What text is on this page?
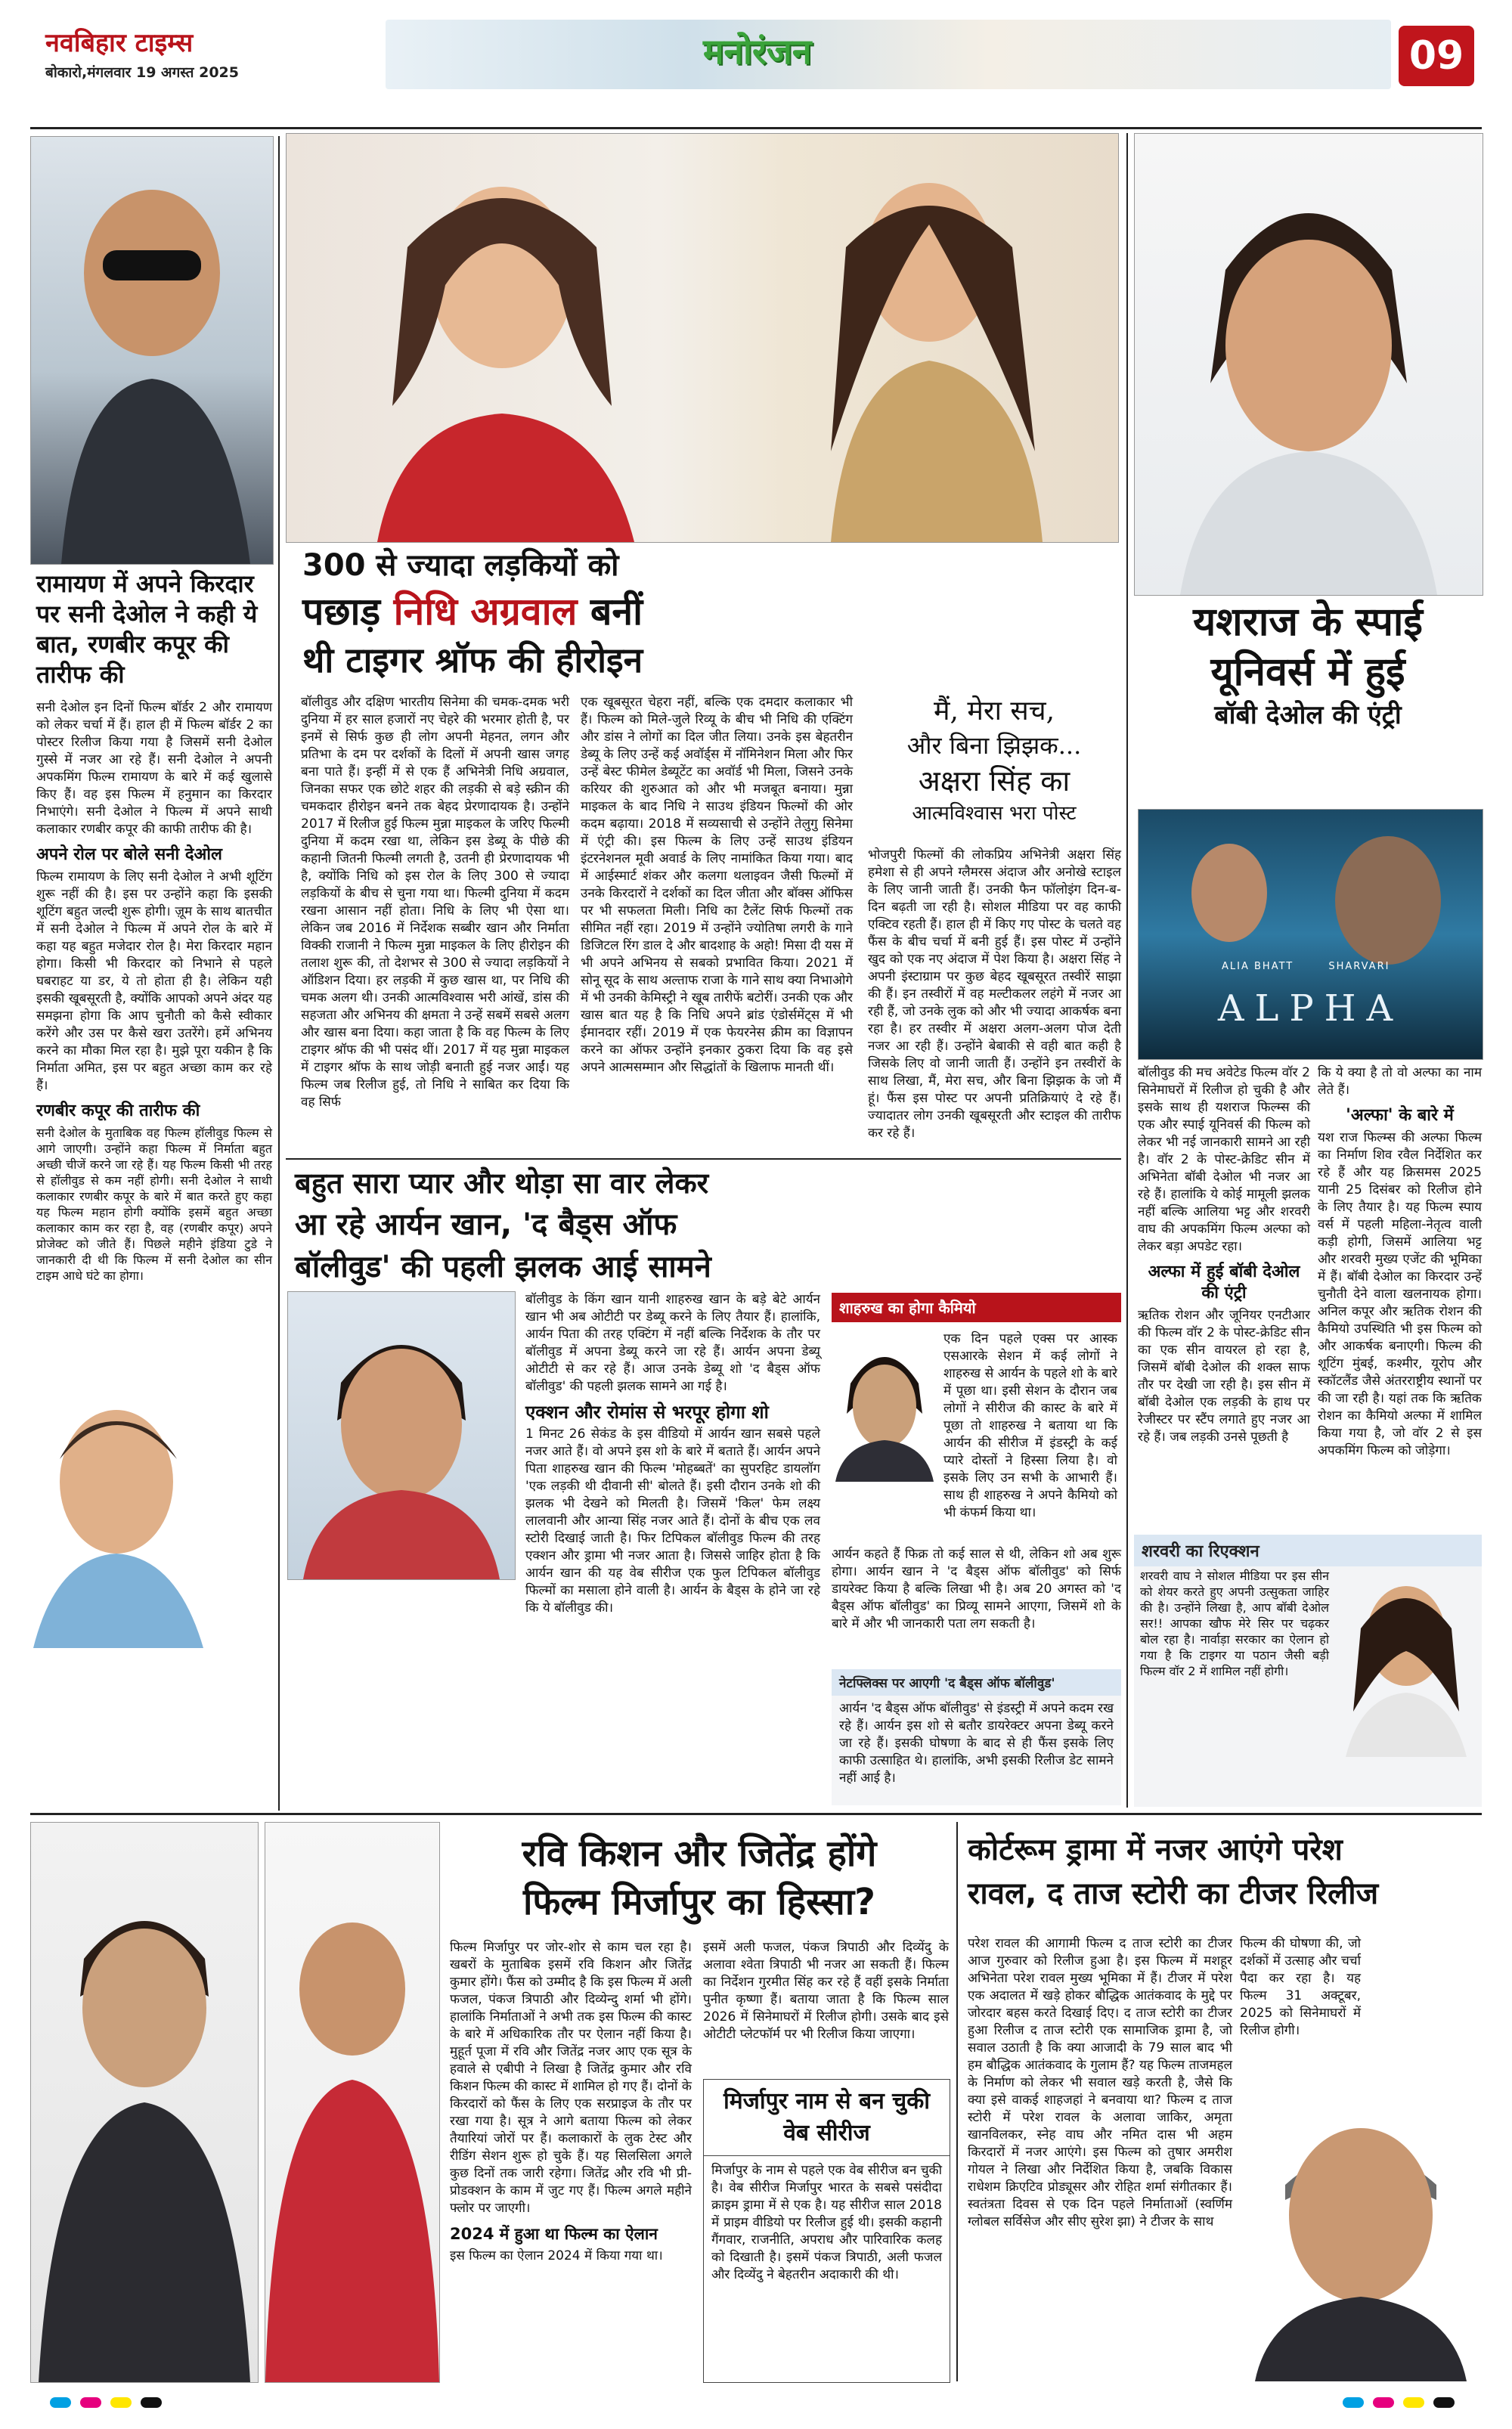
नवबिहार टाइम्स
बोकारो,मंगलवार 19 अगस्त 2025
मनोरंजन	09
रामायण में अपने किरदार पर सनी देओल ने कही ये बात, रणबीर कपूर की तारीफ की

सनी देओल इन दिनों फिल्म बॉर्डर 2 और रामायण को लेकर चर्चा में हैं। हाल ही में फिल्म बॉर्डर 2 का पोस्टर रिलीज किया गया है जिसमें सनी देओल गुस्से में नजर आ रहे हैं। सनी देओल ने अपनी अपकमिंग फिल्म रामायण के बारे में कई खुलासे किए हैं। वह इस फिल्म में हनुमान का किरदार निभाएंगे। सनी देओल ने फिल्म में अपने साथी कलाकार रणबीर कपूर की काफी तारीफ की है।

अपने रोल पर बोले सनी देओल

फिल्म रामायण के लिए सनी देओल ने अभी शूटिंग शुरू नहीं की है। इस पर उन्होंने कहा कि इसकी शूटिंग बहुत जल्दी शुरू होगी। ज़ूम के साथ बातचीत में सनी देओल ने फिल्म में अपने रोल के बारे में कहा यह बहुत मजेदार रोल है। मेरा किरदार महान होगा। किसी भी किरदार को निभाने से पहले घबराहट या डर, ये तो होता ही है। लेकिन यही इसकी खूबसूरती है, क्योंकि आपको अपने अंदर यह समझना होगा कि आप चुनौती को कैसे स्वीकार करेंगे और उस पर कैसे खरा उतरेंगे। हमें अभिनय करने का मौका मिल रहा है। मुझे पूरा यकीन है कि निर्माता अमित, इस पर बहुत अच्छा काम कर रहे हैं।

रणबीर कपूर की तारीफ की

सनी देओल के मुताबिक वह फिल्म हॉलीवुड फिल्म से आगे जाएगी। उन्होंने कहा फिल्म में निर्माता बहुत अच्छी चीजें करने जा रहे हैं। यह फिल्म किसी भी तरह से हॉलीवुड से कम नहीं होगी। सनी देओल ने साथी कलाकार रणबीर कपूर के बारे में बात करते हुए कहा यह फिल्म महान होगी क्योंकि इसमें बहुत अच्छा कलाकार काम कर रहा है, वह (रणबीर कपूर) अपने प्रोजेक्ट को जीते हैं। पिछले महीने इंडिया टुडे ने जानकारी दी थी कि फिल्म में सनी देओल का सीन टाइम आधे घंटे का होगा।

300 से ज्यादा लड़कियों को
पछाड़ निधि अग्रवाल बनीं
थी टाइगर श्रॉफ की हीरोइन

बॉलीवुड और दक्षिण भारतीय सिनेमा की चमक-दमक भरी दुनिया में हर साल हजारों नए चेहरे की भरमार होती है, पर इनमें से सिर्फ कुछ ही लोग अपनी मेहनत, लगन और प्रतिभा के दम पर दर्शकों के दिलों में अपनी खास जगह बना पाते हैं। इन्हीं में से एक हैं अभिनेत्री निधि अग्रवाल, जिनका सफर एक छोटे शहर की लड़की से बड़े स्क्रीन की चमकदार हीरोइन बनने तक बेहद प्रेरणादायक है। उन्होंने 2017 में रिलीज हुई फिल्म मुन्ना माइकल के जरिए फिल्मी दुनिया में कदम रखा था, लेकिन इस डेब्यू के पीछे की कहानी जितनी फिल्मी लगती है, उतनी ही प्रेरणादायक भी है, क्योंकि निधि को इस रोल के लिए 300 से ज्यादा लड़कियों के बीच से चुना गया था। फिल्मी दुनिया में कदम रखना आसान नहीं होता। निधि के लिए भी ऐसा था। लेकिन जब 2016 में निर्देशक सब्बीर खान और निर्माता विक्की राजानी ने फिल्म मुन्ना माइकल के लिए हीरोइन की तलाश शुरू की, तो देशभर से 300 से ज्यादा लड़कियों ने ऑडिशन दिया। हर लड़की में कुछ खास था, पर निधि की चमक अलग थी। उनकी आत्मविश्वास भरी आंखें, डांस की सहजता और अभिनय की क्षमता ने उन्हें सबमें सबसे अलग और खास बना दिया। कहा जाता है कि वह फिल्म के लिए टाइगर श्रॉफ की भी पसंद थीं। 2017 में यह मुन्ना माइकल में टाइगर श्रॉफ के साथ जोड़ी बनाती हुई नजर आईं। यह फिल्म जब रिलीज हुई, तो निधि ने साबित कर दिया कि वह सिर्फ

एक खूबसूरत चेहरा नहीं, बल्कि एक दमदार कलाकार भी हैं। फिल्म को मिले-जुले रिव्यू के बीच भी निधि की एक्टिंग और डांस ने लोगों का दिल जीत लिया। उनके इस बेहतरीन डेब्यू के लिए उन्हें कई अवॉर्ड्स में नॉमिनेशन मिला और फिर उन्हें बेस्ट फीमेल डेब्यूटेंट का अवॉर्ड भी मिला, जिसने उनके करियर की शुरुआत को और भी मजबूत बनाया। मुन्ना माइकल के बाद निधि ने साउथ इंडियन फिल्मों की ओर कदम बढ़ाया। 2018 में सव्यसाची से उन्होंने तेलुगु सिनेमा में एंट्री की। इस फिल्म के लिए उन्हें साउथ इंडियन इंटरनेशनल मूवी अवार्ड के लिए नामांकित किया गया। बाद में आईस्मार्ट शंकर और कलगा थलाइवन जैसी फिल्मों में उनके किरदारों ने दर्शकों का दिल जीता और बॉक्स ऑफिस पर भी सफलता मिली। निधि का टैलेंट सिर्फ फिल्मों तक सीमित नहीं रहा। 2019 में उन्होंने ज्योतिषा लगरी के गाने डिजिटल रिंग डाल दे और बादशाह के अहो! मिसा दी यस में भी अपने अभिनय से सबको प्रभावित किया। 2021 में सोनू सूद के साथ अल्ताफ राजा के गाने साथ क्या निभाओगे में भी उनकी केमिस्ट्री ने खूब तारीफें बटोरीं। उनकी एक और खास बात यह है कि निधि अपने ब्रांड एंडोर्समेंट्स में भी ईमानदार रहीं। 2019 में एक फेयरनेस क्रीम का विज्ञापन करने का ऑफर उन्होंने इनकार ठुकरा दिया कि वह इसे अपने आत्मसम्मान और सिद्धांतों के खिलाफ मानती थीं।

मैं, मेरा सच,
और बिना झिझक...
अक्षरा सिंह का
आत्मविश्वास भरा पोस्ट

भोजपुरी फिल्मों की लोकप्रिय अभिनेत्री अक्षरा सिंह हमेशा से ही अपने ग्लैमरस अंदाज और अनोखे स्टाइल के लिए जानी जाती हैं। उनकी फैन फॉलोइंग दिन-ब-दिन बढ़ती जा रही है। सोशल मीडिया पर वह काफी एक्टिव रहती हैं। हाल ही में किए गए पोस्ट के चलते वह फैंस के बीच चर्चा में बनी हुई हैं। इस पोस्ट में उन्होंने खुद को एक नए अंदाज में पेश किया है। अक्षरा सिंह ने अपनी इंस्टाग्राम पर कुछ बेहद खूबसूरत तस्वीरें साझा की हैं। इन तस्वीरों में वह मल्टीकलर लहंगे में नजर आ रही हैं, जो उनके लुक को और भी ज्यादा आकर्षक बना रहा है। हर तस्वीर में अक्षरा अलग-अलग पोज देती नजर आ रही हैं। उन्होंने बेबाकी से वही बात कही है जिसके लिए वो जानी जाती हैं। उन्होंने इन तस्वीरों के साथ लिखा, मैं, मेरा सच, और बिना झिझक के जो मैं हूं। फैंस इस पोस्ट पर अपनी प्रतिक्रियाएं दे रहे हैं। ज्यादातर लोग उनकी खूबसूरती और स्टाइल की तारीफ कर रहे हैं।

यशराज के स्पाई
यूनिवर्स में हुई
बॉबी देओल की एंट्री
ALIA BHATT	SHARVARI
ALPHA

बॉलीवुड की मच अवेटेड फिल्म वॉर 2 सिनेमाघरों में रिलीज हो चुकी है और इसके साथ ही यशराज फिल्म्स की एक और स्पाई यूनिवर्स की फिल्म को लेकर भी नई जानकारी सामने आ रही है। वॉर 2 के पोस्ट-क्रेडिट सीन में अभिनेता बॉबी देओल भी नजर आ रहे हैं। हालांकि ये कोई मामूली झलक नहीं बल्कि आलिया भट्ट और शरवरी वाघ की अपकमिंग फिल्म अल्फा को लेकर बड़ा अपडेट रहा।

अल्फा में हुई बॉबी देओल की एंट्री

ऋतिक रोशन और जूनियर एनटीआर की फिल्म वॉर 2 के पोस्ट-क्रेडिट सीन का एक सीन वायरल हो रहा है, जिसमें बॉबी देओल की शक्ल साफ तौर पर देखी जा रही है। इस सीन में बॉबी देओल एक लड़की के हाथ पर रेजीस्टर पर स्टैंप लगाते हुए नजर आ रहे हैं। जब लड़की उनसे पूछती है

कि ये क्या है तो वो अल्फा का नाम लेते हैं।

'अल्फा' के बारे में

यश राज फिल्म्स की अल्फा फिल्म का निर्माण शिव रवैल निर्देशित कर रहे हैं और यह क्रिसमस 2025 यानी 25 दिसंबर को रिलीज होने के लिए तैयार है। यह फिल्म स्पाय वर्स में पहली महिला-नेतृत्व वाली कड़ी होगी, जिसमें आलिया भट्ट और शरवरी मुख्य एजेंट की भूमिका में हैं। बॉबी देओल का किरदार उन्हें चुनौती देने वाला खलनायक होगा। अनिल कपूर और ऋतिक रोशन की कैमियो उपस्थिति भी इस फिल्म को और आकर्षक बनाएगी। फिल्म की शूटिंग मुंबई, कश्मीर, यूरोप और स्कॉटलैंड जैसे अंतरराष्ट्रीय स्थानों पर की जा रही है। यहां तक कि ऋतिक रोशन का कैमियो अल्फा में शामिल किया गया है, जो वॉर 2 से इस अपकमिंग फिल्म को जोड़ेगा।

शरवरी का रिएक्शन

शरवरी वाघ ने सोशल मीडिया पर इस सीन को शेयर करते हुए अपनी उत्सुकता जाहिर की है। उन्होंने लिखा है, आप बॉबी देओल सर!! आपका खौफ मेरे सिर पर चढ़कर बोल रहा है। नार्वाड़ा सरकार का ऐलान हो गया है कि टाइगर या पठान जैसी बड़ी फिल्म वॉर 2 में शामिल नहीं होगी।

बहुत सारा प्यार और थोड़ा सा वार लेकर
आ रहे आर्यन खान, 'द बैड्स ऑफ
बॉलीवुड' की पहली झलक आई सामने

बॉलीवुड के किंग खान यानी शाहरुख खान के बड़े बेटे आर्यन खान भी अब ओटीटी पर डेब्यू करने के लिए तैयार हैं। हालांकि, आर्यन पिता की तरह एक्टिंग में नहीं बल्कि निर्देशक के तौर पर बॉलीवुड में अपना डेब्यू करने जा रहे हैं। आर्यन अपना डेब्यू ओटीटी से कर रहे हैं। आज उनके डेब्यू शो 'द बैड्स ऑफ बॉलीवुड' की पहली झलक सामने आ गई है।

एक्शन और रोमांस से भरपूर होगा शो

1 मिनट 26 सेकंड के इस वीडियो में आर्यन खान सबसे पहले नजर आते हैं। वो अपने इस शो के बारे में बताते हैं। आर्यन अपने पिता शाहरुख खान की फिल्म 'मोहब्बतें' का सुपरहिट डायलॉग 'एक लड़की थी दीवानी सी' बोलते हैं। इसी दौरान उनके शो की झलक भी देखने को मिलती है। जिसमें 'किल' फेम लक्ष्य लालवानी और आन्या सिंह नजर आते हैं। दोनों के बीच एक लव स्टोरी दिखाई जाती है। फिर टिपिकल बॉलीवुड फिल्म की तरह एक्शन और ड्रामा भी नजर आता है। जिससे जाहिर होता है कि आर्यन खान की यह वेब सीरीज एक फुल टिपिकल बॉलीवुड फिल्मों का मसाला होने वाली है। आर्यन के बैड्स के होने जा रहे कि ये बॉलीवुड की।

शाहरुख का होगा कैमियो

एक दिन पहले एक्स पर आस्क एसआरके सेशन में कई लोगों ने शाहरुख से आर्यन के पहले शो के बारे में पूछा था। इसी सेशन के दौरान जब लोगों ने सीरीज की कास्ट के बारे में पूछा तो शाहरुख ने बताया था कि आर्यन की सीरीज में इंडस्ट्री के कई प्यारे दोस्तों ने हिस्सा लिया है। वो इसके लिए उन सभी के आभारी हैं। साथ ही शाहरुख ने अपने कैमियो को भी कंफर्म किया था।

आर्यन कहते हैं फिक्र तो कई साल से थी, लेकिन शो अब शुरू होगा। आर्यन खान ने 'द बैड्स ऑफ बॉलीवुड' को सिर्फ डायरेक्ट किया है बल्कि लिखा भी है। अब 20 अगस्त को 'द बैड्स ऑफ बॉलीवुड' का प्रिव्यू सामने आएगा, जिसमें शो के बारे में और भी जानकारी पता लग सकती है।

नेटफ्लिक्स पर आएगी 'द बैड्स ऑफ बॉलीवुड'

आर्यन 'द बैड्स ऑफ बॉलीवुड' से इंडस्ट्री में अपने कदम रख रहे हैं। आर्यन इस शो से बतौर डायरेक्टर अपना डेब्यू करने जा रहे हैं। इसकी घोषणा के बाद से ही फैंस इसके लिए काफी उत्साहित थे। हालांकि, अभी इसकी रिलीज डेट सामने नहीं आई है।

रवि किशन और जितेंद्र होंगे
फिल्म मिर्जापुर का हिस्सा?

फिल्म मिर्जापुर पर जोर-शोर से काम चल रहा है। खबरों के मुताबिक इसमें रवि किशन और जितेंद्र कुमार होंगे। फैंस को उम्मीद है कि इस फिल्म में अली फजल, पंकज त्रिपाठी और दिव्येन्दु शर्मा भी होंगे। हालांकि निर्माताओं ने अभी तक इस फिल्म की कास्ट के बारे में अधिकारिक तौर पर ऐलान नहीं किया है। मुहूर्त पूजा में रवि और जितेंद्र नजर आए एक सूत्र के हवाले से एबीपी ने लिखा है जितेंद्र कुमार और रवि किशन फिल्म की कास्ट में शामिल हो गए हैं। दोनों के किरदारों को फैंस के लिए एक सरप्राइज के तौर पर रखा गया है। सूत्र ने आगे बताया फिल्म को लेकर तैयारियां जोरों पर हैं। कलाकारों के लुक टेस्ट और रीडिंग सेशन शुरू हो चुके हैं। यह सिलसिला अगले कुछ दिनों तक जारी रहेगा। जितेंद्र और रवि भी प्री-प्रोडक्शन के काम में जुट गए हैं। फिल्म अगले महीने फ्लोर पर जाएगी।

2024 में हुआ था फिल्म का ऐलान

इस फिल्म का ऐलान 2024 में किया गया था।

इसमें अली फजल, पंकज त्रिपाठी और दिव्येंदु के अलावा श्वेता त्रिपाठी भी नजर आ सकती हैं। फिल्म का निर्देशन गुरमीत सिंह कर रहे हैं वहीं इसके निर्माता पुनीत कृष्णा हैं। बताया जाता है कि फिल्म साल 2026 में सिनेमाघरों में रिलीज होगी। उसके बाद इसे ओटीटी प्लेटफॉर्म पर भी रिलीज किया जाएगा।

मिर्जापुर नाम से बन चुकी वेब सीरीज

मिर्जापुर के नाम से पहले एक वेब सीरीज बन चुकी है। वेब सीरीज मिर्जापुर भारत के सबसे पसंदीदा क्राइम ड्रामा में से एक है। यह सीरीज साल 2018 में प्राइम वीडियो पर रिलीज हुई थी। इसकी कहानी गैंगवार, राजनीति, अपराध और पारिवारिक कलह को दिखाती है। इसमें पंकज त्रिपाठी, अली फजल और दिव्येंदु ने बेहतरीन अदाकारी की थी।

कोर्टरूम ड्रामा में नजर आएंगे परेश
रावल, द ताज स्टोरी का टीजर रिलीज

परेश रावल की आगामी फिल्म द ताज स्टोरी का टीजर आज गुरुवार को रिलीज हुआ है। इस फिल्म में मशहूर अभिनेता परेश रावल मुख्य भूमिका में हैं। टीजर में परेश एक अदालत में खड़े होकर बौद्धिक आतंकवाद के मुद्दे पर जोरदार बहस करते दिखाई दिए। द ताज स्टोरी का टीजर हुआ रिलीज द ताज स्टोरी एक सामाजिक ड्रामा है, जो सवाल उठाती है कि क्या आजादी के 79 साल बाद भी हम बौद्धिक आतंकवाद के गुलाम हैं? यह फिल्म ताजमहल के निर्माण को लेकर भी सवाल खड़े करती है, जैसे कि क्या इसे वाकई शाहजहां ने बनवाया था? फिल्म द ताज स्टोरी में परेश रावल के अलावा जाकिर, अमृता खानविलकर, स्नेह वाघ और नमित दास भी अहम किरदारों में नजर आएंगे। इस फिल्म को तुषार अमरीश गोयल ने लिखा और निर्देशित किया है, जबकि विकास राधेशम क्रिएटिव प्रोड्यूसर और रोहित शर्मा संगीतकार हैं। स्वतंत्रता दिवस से एक दिन पहले निर्माताओं (स्वर्णिम ग्लोबल सर्विसेज और सीए सुरेश झा) ने टीजर के साथ

फिल्म की घोषणा की, जो दर्शकों में उत्साह और चर्चा पैदा कर रहा है। यह फिल्म 31 अक्टूबर, 2025 को सिनेमाघरों में रिलीज होगी।
